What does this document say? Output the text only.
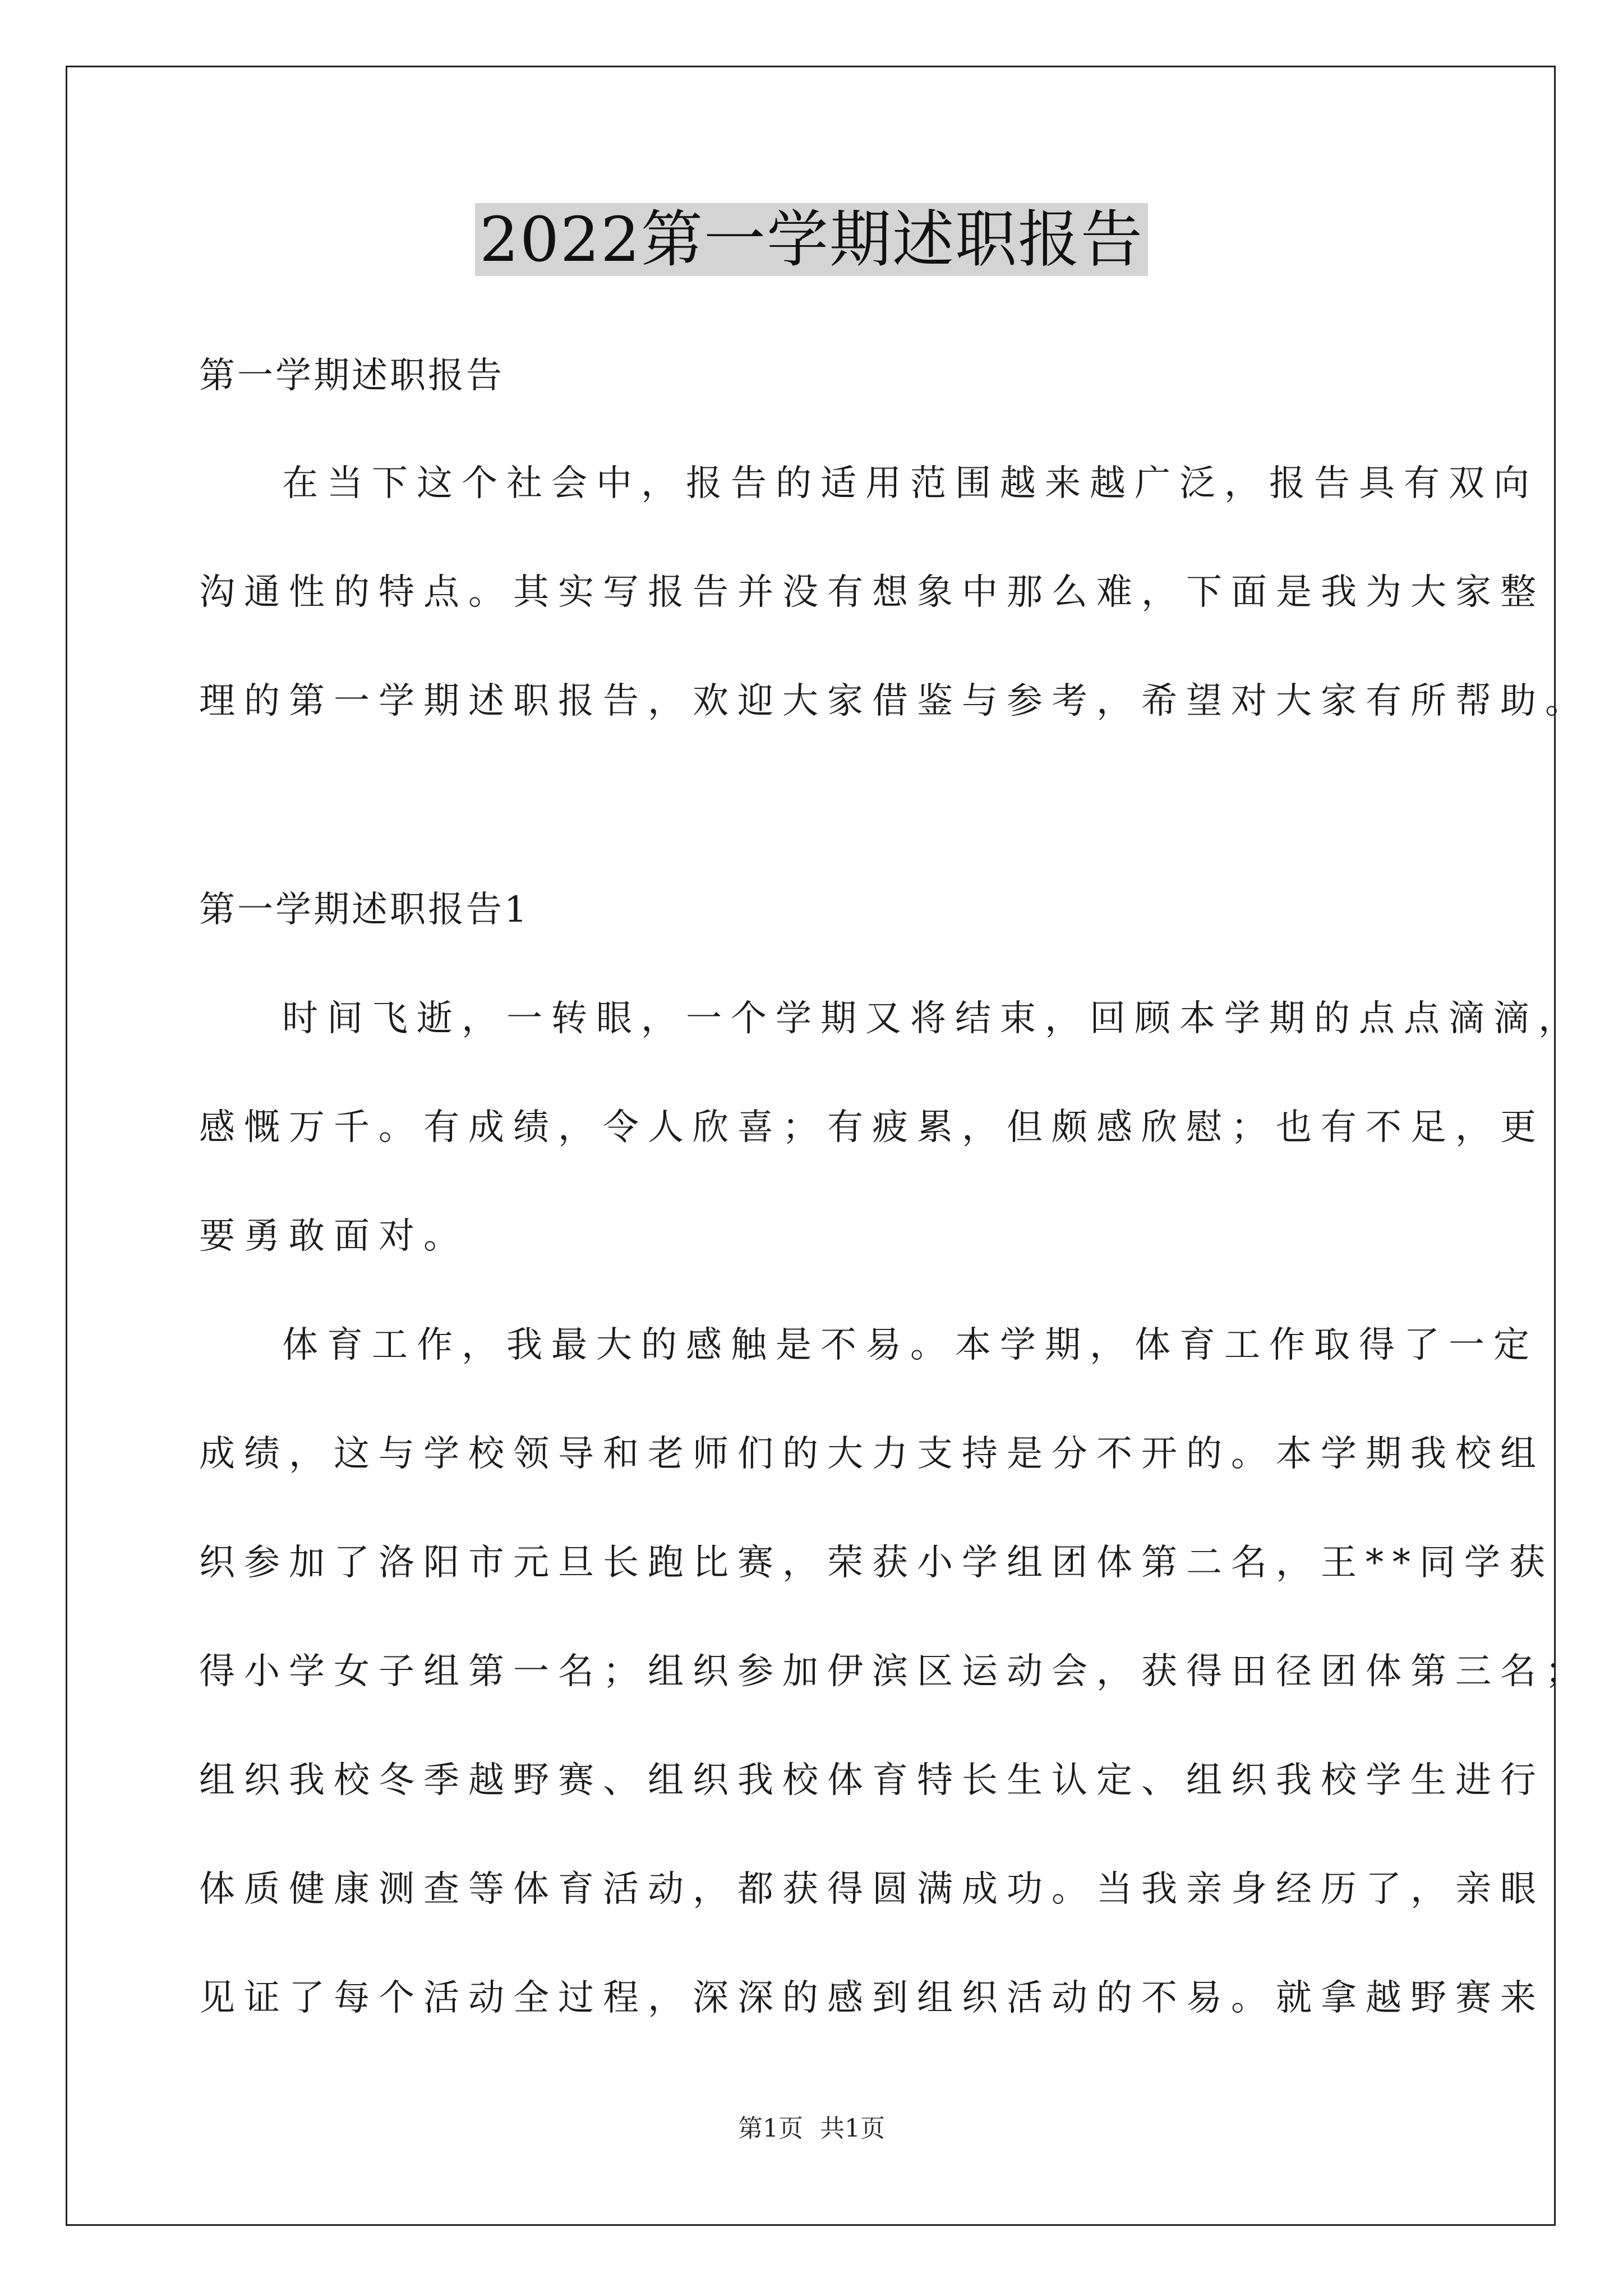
2022第一学期述职报告
第一学期述职报告
在当下这个社会中，报告的适用范围越来越广泛，报告具有双向
沟通性的特点。其实写报告并没有想象中那么难，下面是我为大家整
理的第一学期述职报告，欢迎大家借鉴与参考，希望对大家有所帮助。
第一学期述职报告1
时间飞逝，一转眼，一个学期又将结束，回顾本学期的点点滴滴，
感慨万千。有成绩，令人欣喜；有疲累，但颇感欣慰；也有不足，更
要勇敢面对。
体育工作，我最大的感触是不易。本学期，体育工作取得了一定
成绩，这与学校领导和老师们的大力支持是分不开的。本学期我校组
织参加了洛阳市元旦长跑比赛，荣获小学组团体第二名，王**同学获
得小学女子组第一名；组织参加伊滨区运动会，获得田径团体第三名；
组织我校冬季越野赛、组织我校体育特长生认定、组织我校学生进行
体质健康测查等体育活动，都获得圆满成功。当我亲身经历了，亲眼
见证了每个活动全过程，深深的感到组织活动的不易。就拿越野赛来
第1页 共1页
